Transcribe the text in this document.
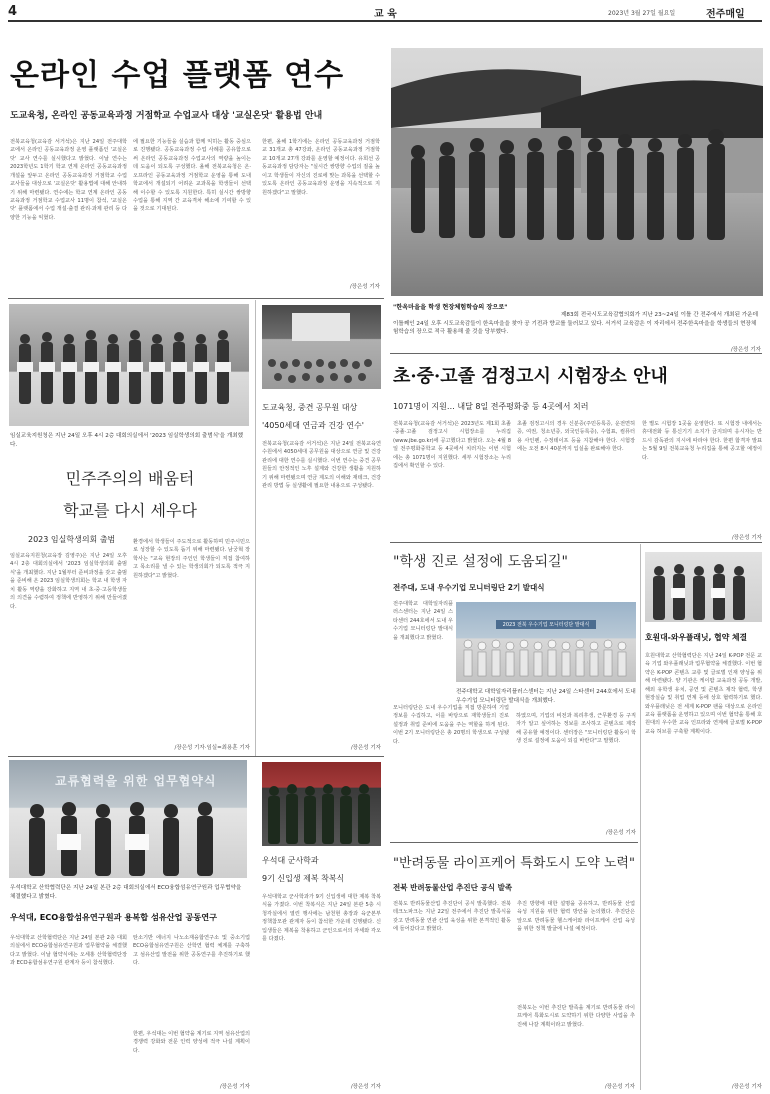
4	교 육	2023년 3월 27일 월요일	전주매일
온라인 수업 플랫폼 연수
도교육청, 온라인 공동교육과정 거점학교 수업교사 대상 '교실온닷' 활용법 안내
전북교육청(교육감 서거석)은 지난 24일 전주대학교에서 온라인 공동교육과정 운영 플랫폼인 '교실온닷' 교사 연수를 실시했다고 밝혔다. 이날 연수는 2023학년도 1학기 학교 연계 온라인 공동교육과정 개설을 앞두고 온라인 공동교육과정 거점학교 수업교사들을 대상으로 '교실온닷' 활용법에 대해 안내하기 위해 마련됐다. 연수에는 학교 연계 온라인 공동교육과정 거점학교 수업교사 11명이 참석, '교실온닷' 플랫폼에서 수업 개설·출결 관리·과제 관리 등 다양한 기능을 익혔다.
에 필요한 기능들을 실습과 함께 익히는 활동 중심으로 진행됐다. 공동교육과정 수업 사례를 공유함으로써 온라인 공동교육과정 수업교사의 역량을 높이는 데 도움이 되도록 구성했다. 올해 전북교육청은 온·오프라인 공동교육과정 거점학교 운영을 통해 도내 학교에서 개설되기 어려운 교과목을 학생들이 선택해 이수할 수 있도록 지원한다. 특히 실시간 쌍방향 수업을 통해 지역 간 교육격차 해소에 기여할 수 있을 것으로 기대된다.
한편, 올해 1학기에는 온라인 공동교육과정 거점학교 31개교 총 47강좌, 온라인 공동교육과정 거점학교 10개교 27개 강좌를 운영할 예정이다. 유희선 공동교육과정 담당자는 "실시간 쌍방향 수업의 질을 높이고 학생들이 자신의 진로에 맞는 과목을 선택할 수 있도록 온라인 공동교육과정 운영을 지속적으로 지원하겠다"고 말했다.
/장은성 기자
"한옥마을을 학생 현장체험학습의 장으로"
제83회 전국시도교육감협의회가 지난 23~24일 이틀 간 전주에서 개최된 가운데 이틀째인 24일 오후 시도교육감들이 한옥마을을 찾아 공 기전과 향교를 둘러보고 있다. 서거석 교육감은 이 자리에서 전주한옥마을을 학생들의 현장체험학습의 장으로 적극 활용해 줄 것을 당부했다.
/장은성 기자
임실교육지원청은 지난 24일 오후 4시 2층 대회의실에서 '2023 임실학생의회 출범식'을 개최했다.
민주주의의 배움터
학교를 다시 세우다
2023 임실학생의회 출범
임실교육지원청(교육장 김영주)은 지난 24일 오후 4시 2층 대회의실에서 '2023 임실학생의회 출범식'을 개최했다. 지난 1월부터 준비과정을 갖고 출범을 준비해 온 2023 임실학생의회는 학교 내 학생 자치 활동 역량을 강화하고 지역 내 초·중·고등학생들의 의견을 수렴하여 정책에 반영하기 위해 만들어졌다.
환경에서 학생들이 주도적으로 활동하며 민주시민으로 성장할 수 있도록 돕기 위해 마련됐다. 남궁혁 장학사는 "교육 현장의 주인인 학생들이 직접 참여하고 목소리를 낼 수 있는 학생의회가 되도록 적극 지원하겠다"고 밝혔다.
/장은성 기자·임실=최용훈 기자
도교육청, 중견 공무원 대상
'4050세대 연금과 건강 연수'
전북교육청(교육감 서거석)은 지난 24일 전북교육연수원에서 4050세대 공무원을 대상으로 연금 및 건강관리에 대한 연수를 실시했다. 이번 연수는 중견 공무원들의 안정적인 노후 설계와 건강한 생활을 지원하기 위해 마련됐으며 연금 제도의 이해와 재테크, 건강관리 방법 등 실생활에 필요한 내용으로 구성됐다.
/장은성 기자
초·중·고졸 검정고시 시험장소 안내
1071명이 지원… 내달 8일 전주평화중 등 4곳에서 치러
전북교육청(교육감 서거석)은 2023년도 제1회 초졸·중졸·고졸 검정고시 시험장소를 누리집(www.jbe.go.kr)에 공고했다고 밝혔다. 오는 4월 8일 전주평화중학교 등 4곳에서 치러지는 이번 시험에는 총 1071명이 지원했다. 세부 시험장소는 누리집에서 확인할 수 있다.
초졸 검정고시의 경우 신분증(주민등록증, 운전면허증, 여권, 청소년증, 외국인등록증), 수험표, 컴퓨터용 사인펜, 수정테이프 등을 지참해야 한다. 시험장에는 오전 8시 40분까지 입실을 완료해야 한다.
한 별도 시험장 1곳을 운영한다. 또 시험장 내에서는 휴대전화 등 통신기기 소지가 금지되며 응시자는 반드시 감독관의 지시에 따라야 한다. 한편 합격자 발표는 5월 9일 전북교육청 누리집을 통해 공고할 예정이다.
/장은성 기자
"학생 진로 설정에 도움되길"
전주대, 도내 우수기업 모니터링단 2기 발대식
전주대학교 대학일자리플러스센터는 지난 24일 스타센터 244호에서 도내 우수기업 모니터링단 발대식을 개최했다고 밝혔다.
2023 전북 우수기업 모니터링단 발대식
전주대학교 대학일자리플러스센터는 지난 24일 스타센터 244호에서 도내 우수기업 모니터링단 발대식을 개최했다.
모니터링단은 도내 우수기업을 직접 방문하여 기업 정보를 수집하고, 이를 바탕으로 재학생들의 진로 설정과 취업 준비에 도움을 주는 역할을 하게 된다. 이번 2기 모니터링단은 총 20명의 학생으로 구성됐다.
하였으며, 기업의 비전과 복리후생, 근무환경 등 구직자가 알고 싶어하는 정보를 조사하고 콘텐츠로 제작해 공유할 예정이다. 센터장은 "모니터링단 활동이 학생 진로 설정에 도움이 되길 바란다"고 말했다.
/장은성 기자
호원대-와우플래닛, 협약 체결
호원대학교 산학협력단은 지난 24일 K-POP 전문 교육 기업 와우플래닛과 업무협약을 체결했다. 이번 협약은 K-POP 콘텐츠 교류 및 글로벌 인재 양성을 위해 마련됐다. 양 기관은 케이팝 교육과정 공동 개발, 해외 유학생 유치, 공연 및 콘텐츠 제작 협력, 학생 현장실습 및 취업 연계 등에 상호 협력하기로 했다. 와우플래닛은 전 세계 K-POP 팬을 대상으로 온라인 교육 플랫폼을 운영하고 있으며 이번 협약을 통해 호원대의 우수한 교육 인프라와 연계해 글로벌 K-POP 교육 허브를 구축할 계획이다.
/장은성 기자
교류협력을 위한 업무협약식
우석대학교 산학협력단은 지난 24일 본관 2층 대회의실에서 ECO융합섬유연구원과 업무협약을 체결했다고 밝혔다.
우석대, ECO융합섬유연구원과 용복합 섬유산업 공동연구
우석대학교 산학협력단은 지난 24일 본관 2층 대회의실에서 ECO융합섬유연구원과 업무협약을 체결했다고 밝혔다. 이날 협약식에는 오세홍 산학협력단장과 ECO융합섬유연구원 관계자 등이 참석했다.
탄소기반 에너지 나노소재융합연구소 및 중소기업 ECO융합섬유연구원은 산학연 협력 체계를 구축하고 섬유산업 발전을 위한 공동연구를 추진하기로 했다.
한편, 우석대는 이번 협약을 계기로 지역 섬유산업의 경쟁력 강화와 전문 인력 양성에 적극 나설 계획이다.
/장은성 기자
우석대 군사학과
9기 신입생 제복 착복식
우석대학교 군사학과가 9기 신입생에 대한 제복 착복식을 가졌다. 이번 착복식은 지난 24일 본관 5층 시청각실에서 열린 행사에는 남천현 총장과 육군본부 정책참모관 관계자 등이 참석한 가운데 진행됐다. 신입생들은 제복을 착용하고 군인으로서의 자세와 각오를 다졌다.
/장은성 기자
"반려동물 라이프케어 특화도시 도약 노력"
전북 반려동물산업 추진단 공식 발족
전북도 반려동물산업 추진단이 공식 발족했다. 전북테크노파크는 지난 22일 전주에서 추진단 발족식을 갖고 반려동물 연관 산업 육성을 위한 본격적인 활동에 들어갔다고 밝혔다.
추진 방향에 대한 설명을 공유하고, 반려동물 산업 육성 지원을 위한 협력 방안을 논의했다. 추진단은 앞으로 반려동물 헬스케어와 라이프케어 산업 육성을 위한 정책 발굴에 나설 예정이다.
전북도는 이번 추진단 발족을 계기로 반려동물 라이프케어 특화도시로 도약하기 위한 다양한 사업을 추진해 나갈 계획이라고 밝혔다.
/장은성 기자
